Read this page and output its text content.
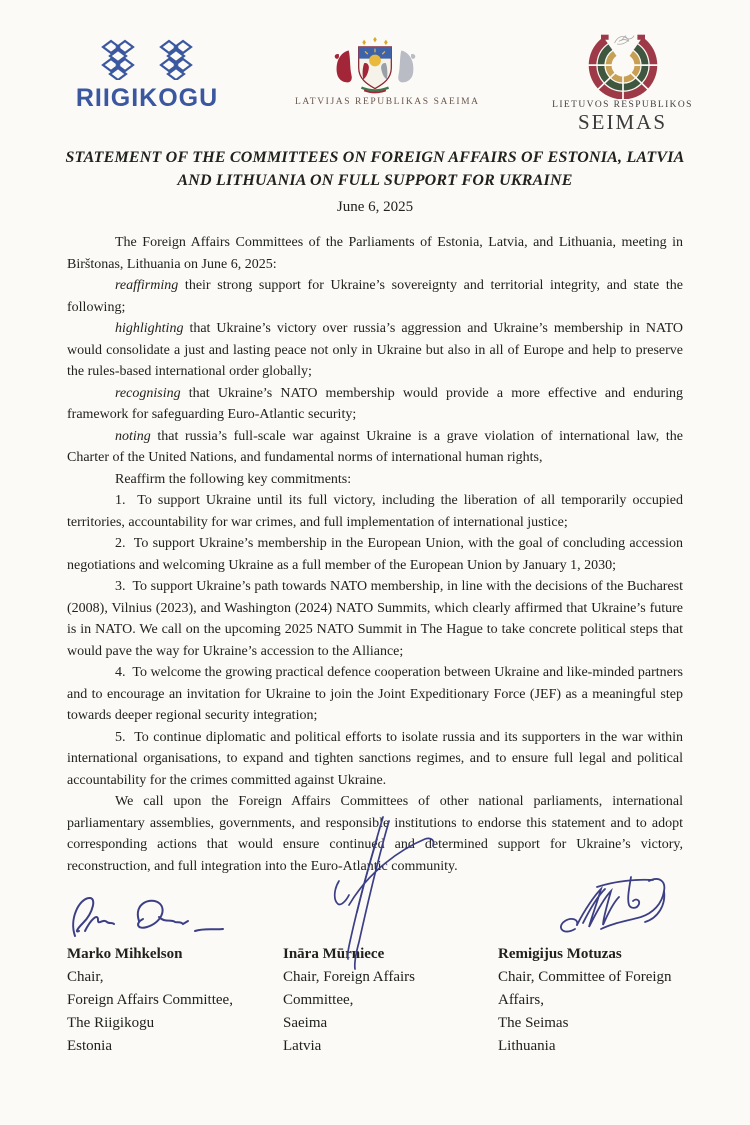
RIIGIKOGU	LATVIJAS REPUBLIKAS SAEIMA	LIETUVOS RESPUBLIKOS
SEIMAS
STATEMENT OF THE COMMITTEES ON FOREIGN AFFAIRS OF ESTONIA, LATVIA
AND LITHUANIA ON FULL SUPPORT FOR UKRAINE
June 6, 2025

The Foreign Affairs Committees of the Parliaments of Estonia, Latvia, and Lithuania, meeting in Birštonas, Lithuania on June 6, 2025:

reaffirming their strong support for Ukraine’s sovereignty and territorial integrity, and state the following;

highlighting that Ukraine’s victory over russia’s aggression and Ukraine’s membership in NATO would consolidate a just and lasting peace not only in Ukraine but also in all of Europe and help to preserve the rules-based international order globally;

recognising that Ukraine’s NATO membership would provide a more effective and enduring framework for safeguarding Euro-Atlantic security;

noting that russia’s full-scale war against Ukraine is a grave violation of international law, the Charter of the United Nations, and fundamental norms of international human rights,

Reaffirm the following key commitments:

1.  To support Ukraine until its full victory, including the liberation of all temporarily occupied territories, accountability for war crimes, and full implementation of international justice;

2.  To support Ukraine’s membership in the European Union, with the goal of concluding accession negotiations and welcoming Ukraine as a full member of the European Union by January 1, 2030;

3.  To support Ukraine’s path towards NATO membership, in line with the decisions of the Bucharest (2008), Vilnius (2023), and Washington (2024) NATO Summits, which clearly affirmed that Ukraine’s future is in NATO. We call on the upcoming 2025 NATO Summit in The Hague to take concrete political steps that would pave the way for Ukraine’s accession to the Alliance;

4.  To welcome the growing practical defence cooperation between Ukraine and like-minded partners and to encourage an invitation for Ukraine to join the Joint Expeditionary Force (JEF) as a meaningful step towards deeper regional security integration;

5.  To continue diplomatic and political efforts to isolate russia and its supporters in the war within international organisations, to expand and tighten sanctions regimes, and to ensure full legal and political accountability for the crimes committed against Ukraine.

We call upon the Foreign Affairs Committees of other national parliaments, international parliamentary assemblies, governments, and responsible institutions to endorse this statement and to adopt corresponding actions that would ensure continued and determined support for Ukraine’s victory, reconstruction, and full integration into the Euro-Atlantic community.

Marko Mihkelson
Chair,
Foreign Affairs Committee,
The Riigikogu
Estonia
Ināra Mūrniece
Chair, Foreign Affairs
Committee,
Saeima
Latvia
Remigijus Motuzas
Chair, Committee of Foreign
Affairs,
The Seimas
Lithuania
